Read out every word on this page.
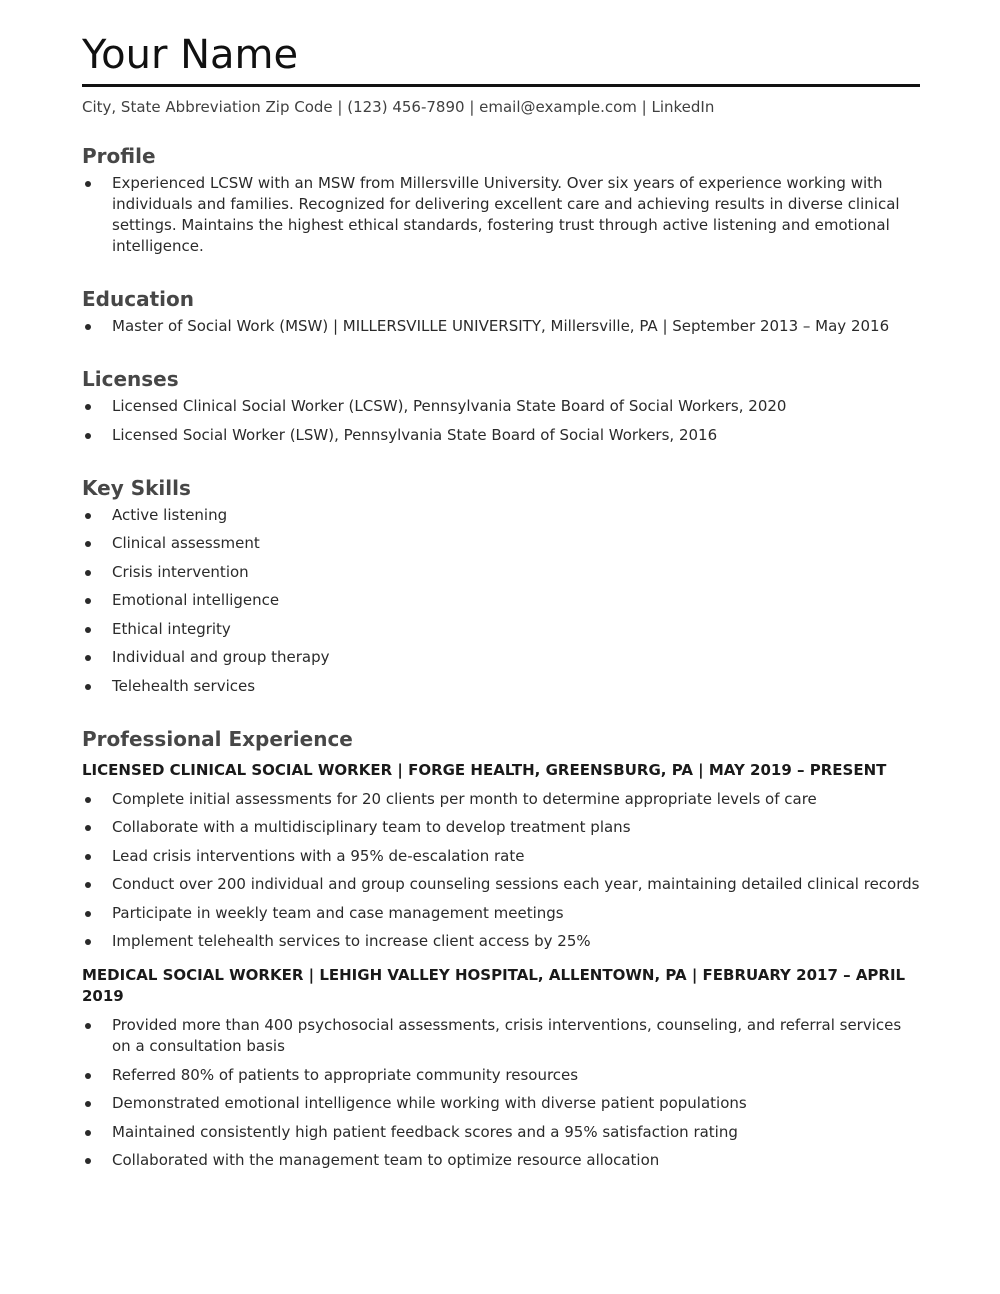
Your Name
City, State Abbreviation Zip Code | (123) 456-7890 | email@example.com | LinkedIn
Profile
Experienced LCSW with an MSW from Millersville University. Over six years of experience working with individuals and families. Recognized for delivering excellent care and achieving results in diverse clinical settings. Maintains the highest ethical standards, fostering trust through active listening and emotional intelligence.
Education
Master of Social Work (MSW) | MILLERSVILLE UNIVERSITY, Millersville, PA | September 2013 – May 2016
Licenses
Licensed Clinical Social Worker (LCSW), Pennsylvania State Board of Social Workers, 2020
Licensed Social Worker (LSW), Pennsylvania State Board of Social Workers, 2016
Key Skills
Active listening
Clinical assessment
Crisis intervention
Emotional intelligence
Ethical integrity
Individual and group therapy
Telehealth services
Professional Experience
LICENSED CLINICAL SOCIAL WORKER | FORGE HEALTH, GREENSBURG, PA | MAY 2019 – PRESENT
Complete initial assessments for 20 clients per month to determine appropriate levels of care
Collaborate with a multidisciplinary team to develop treatment plans
Lead crisis interventions with a 95% de-escalation rate
Conduct over 200 individual and group counseling sessions each year, maintaining detailed clinical records
Participate in weekly team and case management meetings
Implement telehealth services to increase client access by 25%
MEDICAL SOCIAL WORKER | LEHIGH VALLEY HOSPITAL, ALLENTOWN, PA | FEBRUARY 2017 – APRIL 2019
Provided more than 400 psychosocial assessments, crisis interventions, counseling, and referral services on a consultation basis
Referred 80% of patients to appropriate community resources
Demonstrated emotional intelligence while working with diverse patient populations
Maintained consistently high patient feedback scores and a 95% satisfaction rating
Collaborated with the management team to optimize resource allocation
